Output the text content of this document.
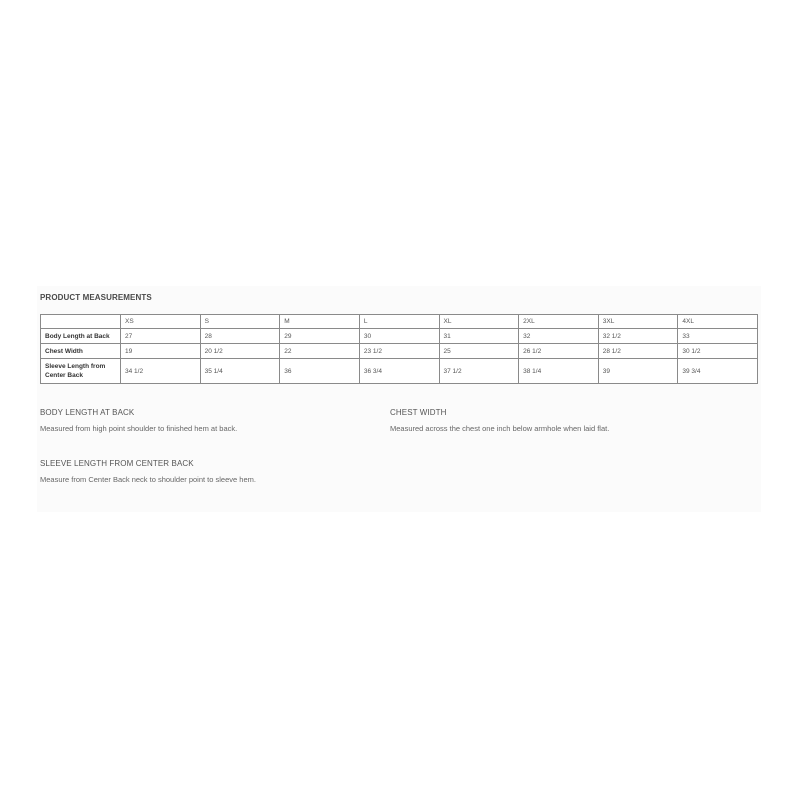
PRODUCT MEASUREMENTS
	XS	S	M	L	XL	2XL	3XL	4XL
Body Length at Back	27	28	29	30	31	32	32 1/2	33
Chest Width	19	20 1/2	22	23 1/2	25	26 1/2	28 1/2	30 1/2
Sleeve Length from Center Back	34 1/2	35 1/4	36	36 3/4	37 1/2	38 1/4	39	39 3/4
BODY LENGTH AT BACK
Measured from high point shoulder to finished hem at back.
CHEST WIDTH
Measured across the chest one inch below armhole when laid flat.
SLEEVE LENGTH FROM CENTER BACK
Measure from Center Back neck to shoulder point to sleeve hem.
